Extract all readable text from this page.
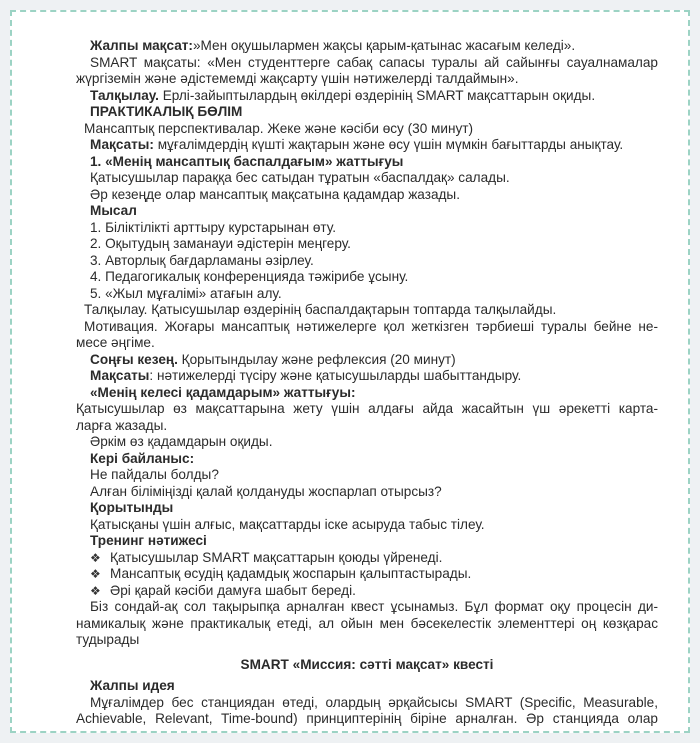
Жалпы мақсат:»Мен оқушылармен жақсы қарым-қатынас жасағым келеді».
SMART мақсаты: «Мен студенттерге сабақ сапасы туралы ай сайынғы сауалнамалар
жүргіземін және әдістемемді жақсарту үшін нәтижелерді талдаймын».
Талқылау. Ерлі-зайыптылардың өкілдері өздерінің SMART мақсаттарын оқиды.
ПРАКТИКАЛЫҚ БӨЛІМ
Мансаптық перспективалар. Жеке және кәсіби өсу (30 минут)
Мақсаты: мұғалімдердің күшті жақтарын және өсу үшін мүмкін бағыттарды анықтау.
1. «Менің мансаптық баспалдағым» жаттығуы
Қатысушылар параққа бес сатыдан тұратын «баспалдақ» салады.
Әр кезеңде олар мансаптық мақсатына қадамдар жазады.
Мысал
1. Біліктілікті арттыру курстарынан өту.
2. Оқытудың заманауи әдістерін меңгеру.
3. Авторлық бағдарламаны әзірлеу.
4. Педагогикалық конференцияда тәжірибе ұсыну.
5. «Жыл мұғалімі» атағын алу.
Талқылау. Қатысушылар өздерінің баспалдақтарын топтарда талқылайды.
Мотивация. Жоғары мансаптық нәтижелерге қол жеткізген тәрбиеші туралы бейне не-
месе әңгіме.
Соңғы кезең. Қорытындылау және рефлексия (20 минут)
Мақсаты: нәтижелерді түсіру және қатысушыларды шабыттандыру.
«Менің келесі қадамдарым» жаттығуы:
Қатысушылар өз мақсаттарына жету үшін алдағы айда жасайтын үш әрекетті карта-
ларға жазады.
Әркім өз қадамдарын оқиды.
Кері байланыс:
Не пайдалы болды?
Алған біліміңізді қалай қолдануды жоспарлап отырсыз?
Қорытынды
Қатысқаны үшін алғыс, мақсаттарды іске асыруда табыс тілеу.
Тренинг нәтижесі
❖ Қатысушылар SMART мақсаттарын қоюды үйренеді.
❖ Мансаптық өсудің қадамдық жоспарын қалыптастырады.
❖ Әрі қарай кәсіби дамуға шабыт береді.
Біз сондай-ақ сол тақырыпқа арналған квест ұсынамыз. Бұл формат оқу процесін ди-
намикалық және практикалық етеді, ал ойын мен бәсекелестік элементтері оң көзқарас
тудырады
SMART «Миссия: сәтті мақсат» квесті
Жалпы идея
Мұғалімдер бес станциядан өтеді, олардың әрқайсысы SMART (Specific, Measurable,
Achievable, Relevant, Time-bound) принциптерінің біріне арналған. Әр станцияда олар
